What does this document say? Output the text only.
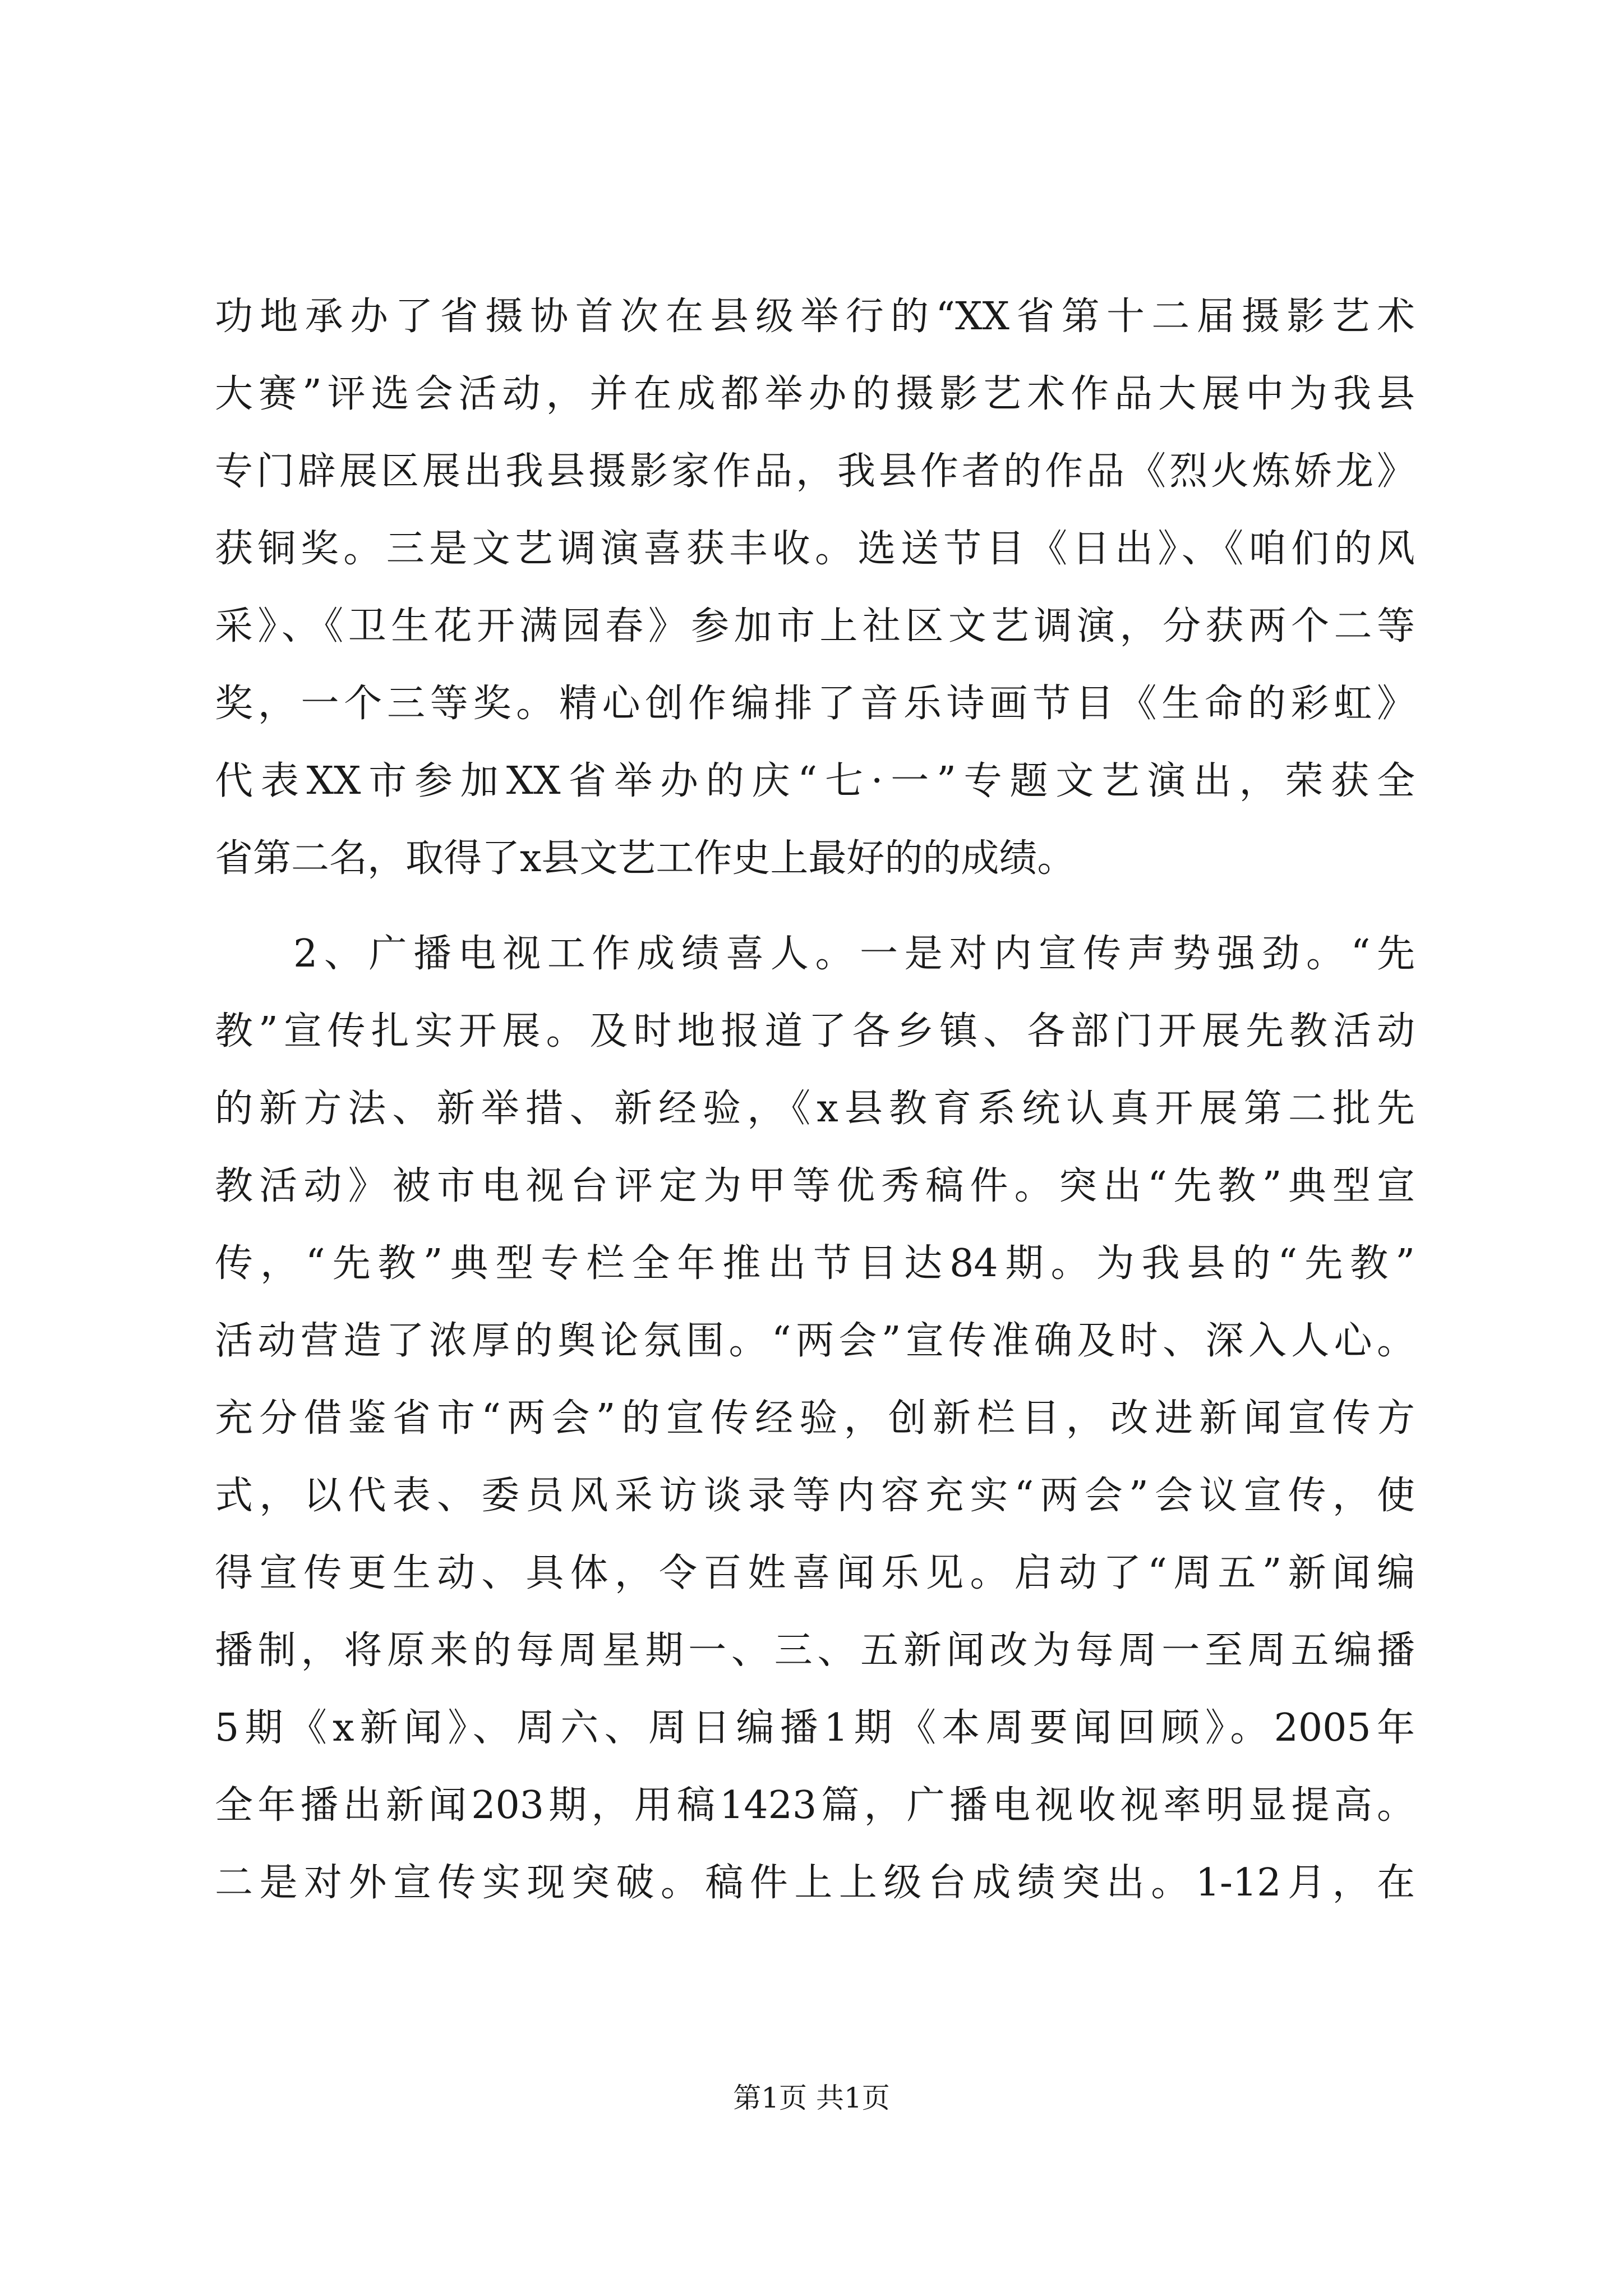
功地承办了省摄协首次在县级举行的“XX省第十二届摄影艺术
大赛”评选会活动，并在成都举办的摄影艺术作品大展中为我县
专门辟展区展出我县摄影家作品，我县作者的作品《烈火炼娇龙》
获铜奖。三是文艺调演喜获丰收。选送节目《日出》、《咱们的风
采》、《卫生花开满园春》参加市上社区文艺调演，分获两个二等
奖，一个三等奖。精心创作编排了音乐诗画节目《生命的彩虹》
代表XX市参加XX省举办的庆“七·一”专题文艺演出，荣获全
省第二名，取得了x县文艺工作史上最好的的成绩。
2、广播电视工作成绩喜人。一是对内宣传声势强劲。“先
教”宣传扎实开展。及时地报道了各乡镇、各部门开展先教活动
的新方法、新举措、新经验，《x县教育系统认真开展第二批先
教活动》被市电视台评定为甲等优秀稿件。突出“先教”典型宣
传，“先教”典型专栏全年推出节目达84期。为我县的“先教”
活动营造了浓厚的舆论氛围。“两会”宣传准确及时、深入人心。
充分借鉴省市“两会”的宣传经验，创新栏目，改进新闻宣传方
式，以代表、委员风采访谈录等内容充实“两会”会议宣传，使
得宣传更生动、具体，令百姓喜闻乐见。启动了“周五”新闻编
播制，将原来的每周星期一、三、五新闻改为每周一至周五编播
5期《x新闻》、周六、周日编播1期《本周要闻回顾》。2005年
全年播出新闻203期，用稿1423篇，广播电视收视率明显提高。
二是对外宣传实现突破。稿件上上级台成绩突出。1-12月，在
第1页 共1页
